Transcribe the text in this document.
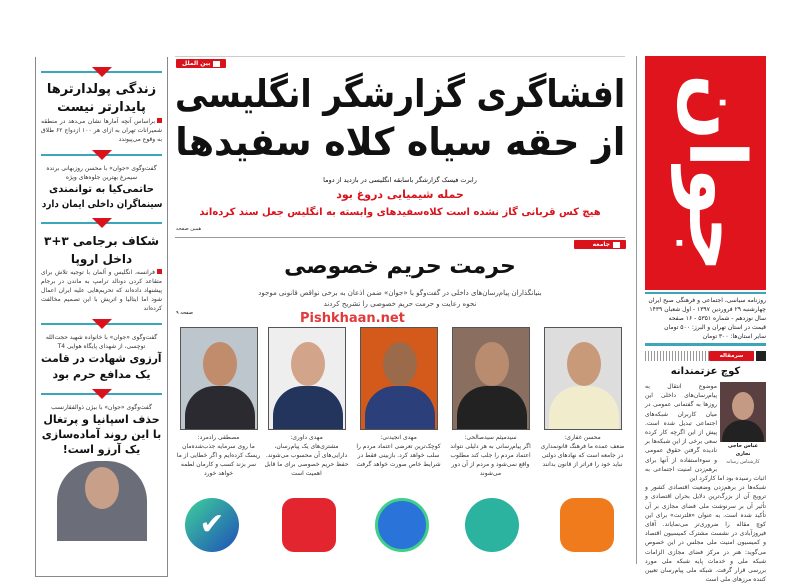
بین الملل
افشاگری گزارشگر انگلیسی
از حقه سیاه کلاه سفیدها
رابرت فیسک گزارشگر باسابقه انگلیسی در بازدید از دوما
حمله شیمیایی دروغ بود
هیچ کس قربانی گاز نشده است کلاه‌سفیدهای وابسته به انگلیس جعل سند کرده‌اند
همین صفحه
جامعه
حرمت حریم خصوصی
بنیانگذاران پیام‌رسان‌های داخلی در گفت‌وگو با «جوان» ضمن اذعان به برخی نواقص قانونی موجود
نحوه رعایت و حرمت حریم خصوصی را تشریح کردند
صفحه ۹	Pishkhaan.net
محسن غفاری:
ضعف عمده ما فرهنگ قانونمداری در جامعه است که نهادهای دولتی نباید خود را فراتر از قانون بدانند
سیدمیثم سیدصالحی:
اگر پیام‌رسانی به هر دلیلی نتواند اعتماد مردم را جلب کند مطلوب واقع نمی‌شود و مردم از آن دور می‌شوند
مهدی انجیدنی:
کوچک‌ترین تعرضی اعتماد مردم را سلب خواهد کرد. بازبینی فقط در شرایط خاص صورت خواهد گرفت
مهدی داوری:
مشتری‌های یک پیام‌رسان، دارایی‌های آن محسوب می‌شوند. حفظ حریم خصوصی برای ما قابل اهمیت است
مصطفی رادمرد:
ما روی سرمایه جذب‌شده‌مان ریسک کرده‌ایم و اگر خطایی از ما سر بزند کسب و کارمان لطمه خواهد خورد
✔
زندگی پولدارترها
پایدارتر نیست
براساس آنچه آمارها نشان می‌دهد در منطقه شمیرانات تهران به ازای هر ۱۰۰ ازدواج ۶۲ طلاق به وقوع می‌پیوندد
گفت‌وگوی «جوان» با محسن روزبهانی برنده سیمرغ بهترین جلوه‌های ویژه
حاتمی‌کیا به توانمندی
سینماگران داخلی ایمان دارد
شکاف برجامی ۳+۳
داخل اروپا
فرانسه، انگلیس و آلمان با توجیه تلاش برای متقاعد کردن دونالد ترامپ به ماندن در برجام پیشنهاد داده‌اند که تحریم‌هایی علیه ایران اعمال شود اما ایتالیا و اتریش با این تصمیم مخالفت کرده‌اند
گفت‌وگوی «جوان» با خانواده شهید حجت‌الله توچسی، از شهدای پایگاه هوایی T4
آرزوی شهادت در قامت
یک مدافع حرم بود
گفت‌وگوی «جوان» با بیژن ذوالفقارنسب
حذف اسپانیا و پرتغال
با این روند آماده‌سازی
یک آرزو است!
جوان
روزنامه سیاسی، اجتماعی و فرهنگی صبح ایران
چهارشنبه ۲۹ فروردین ۱۳۹۷ - اول شعبان ۱۴۳۹
سال نوزدهم - شماره ۵۳۵۱ - ۱۶ صفحه
قیمت در استان تهران و البرز: ۵۰۰ تومان
سایر استان‌ها: ۳۰۰ تومان
سرمقاله
کوچ عزتمندانه
عباس حاجی نجاری
کارشناس رسانه
موضوع انتقال به پیام‌رسان‌های داخلی این روزها به گفتمانی عمومی در میان کاربران شبکه‌های اجتماعی تبدیل شده است. پیش از این اگرچه کار کرده سعی برخی از این شبکه‌ها بر نادیده گرفتن حقوق عمومی و سوءاستفاده از آنها برای برهم‌زدن امنیت اجتماعی به اثبات رسیده بود اما کارکرد این
شبکه‌ها در برهم‌زدن وضعیت اقتصادی کشور و ترویج آن از بزرگ‌ترین دلایل بحران اقتصادی و تأثیر آن بر سرنوشت ملی فضای مجازی بر آن تأکید شده است. به عنوان «فلترنت» برای این کوچ مقاله را ضروری‌تر می‌نمایاند. آقای فیروزآبادی در نشست مشترک کمیسیون اقتصاد و کمیسیون امنیت ملی مجلس در این خصوص می‌گوید: هنر در مرکز فضای مجازی الزامات شبکه ملی و خدمات پایه شبکه ملی مورد بررسی قرار گرفت. شبکه ملی پیام‌رسان تعیین کننده مرزهای ملی است
